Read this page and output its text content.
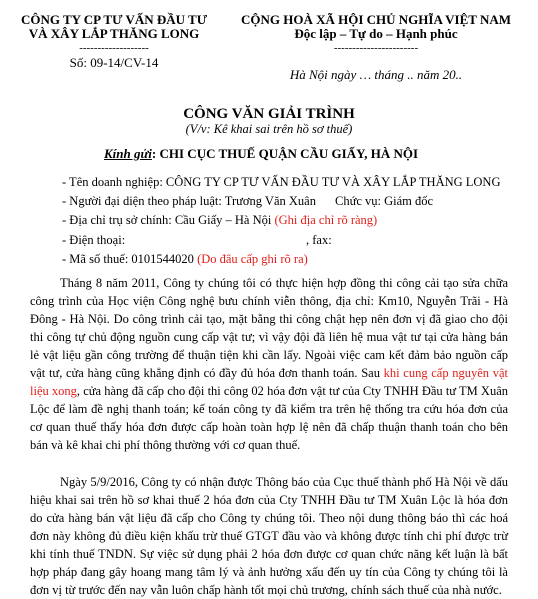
CÔNG TY CP TƯ VẤN ĐẦU TƯ
VÀ XÂY LẮP THĂNG LONG
-------------------
Số: 09-14/CV-14
CỘNG HOÀ XÃ HỘI CHỦ NGHĨA VIỆT NAM
Độc lập – Tự do – Hạnh phúc
-----------------------
Hà Nội ngày … tháng .. năm 20..
CÔNG VĂN GIẢI TRÌNH
(V/v: Kê khai sai trên hồ sơ thuế)
Kính gửi: CHI CỤC THUẾ QUẬN CẦU GIẤY, HÀ NỘI
- Tên doanh nghiệp: CÔNG TY CP TƯ VẤN ĐẦU TƯ VÀ XÂY LẮP THĂNG LONG
- Người đại diện theo pháp luật: Trương Văn Xuân Chức vụ: Giám đốc
- Địa chỉ trụ sở chính: Cầu Giấy – Hà Nội (Ghi địa chỉ rõ ràng)
- Điện thoại:	, fax:
- Mã số thuế: 0101544020 (Do đâu cấp ghi rõ ra)
Tháng 8 năm 2011, Công ty chúng tôi có thực hiện hợp đồng thi công cải tạo sửa chữa công trình của Học viện Công nghệ bưu chính viễn thông, địa chỉ: Km10, Nguyễn Trãi - Hà Đông - Hà Nội. Do công trình cải tạo, mặt bằng thi công chật hẹp nên đơn vị đã giao cho đội thi công tự chủ động nguồn cung cấp vật tư; vì vậy đội đã liên hệ mua vật tư tại cửa hàng bán lẻ vật liệu gần công trường để thuận tiện khi cần lấy. Ngoài việc cam kết đảm bảo nguồn cấp vật tư, cửa hàng cũng khẳng định có đầy đủ hóa đơn thanh toán. Sau khi cung cấp nguyên vật liệu xong, cửa hàng đã cấp cho đội thi công 02 hóa đơn vật tư của Cty TNHH Đầu tư TM Xuân Lộc để làm đề nghị thanh toán; kế toán công ty đã kiểm tra trên hệ thống tra cứu hóa đơn của cơ quan thuế thấy hóa đơn được cấp hoàn toàn hợp lệ nên đã chấp thuận thanh toán cho bên bán và kê khai chi phí thông thường với cơ quan thuế.
Ngày 5/9/2016, Công ty có nhận được Thông báo của Cục thuế thành phố Hà Nội về dấu hiệu khai sai trên hồ sơ khai thuế 2 hóa đơn của Cty TNHH Đầu tư TM Xuân Lộc là hóa đơn do cửa hàng bán vật liệu đã cấp cho Công ty chúng tôi. Theo nội dung thông báo thì các hoá đơn này không đủ điều kiện khấu trừ thuế GTGT đầu vào và không được tính chi phí được trừ khi tính thuế TNDN. Sự việc sử dụng phải 2 hóa đơn được cơ quan chức năng kết luận là bất hợp pháp đang gây hoang mang tâm lý và ảnh hưởng xấu đến uy tín của Công ty chúng tôi là đơn vị từ trước đến nay vẫn luôn chấp hành tốt mọi chủ trương, chính sách thuế của nhà nước.
